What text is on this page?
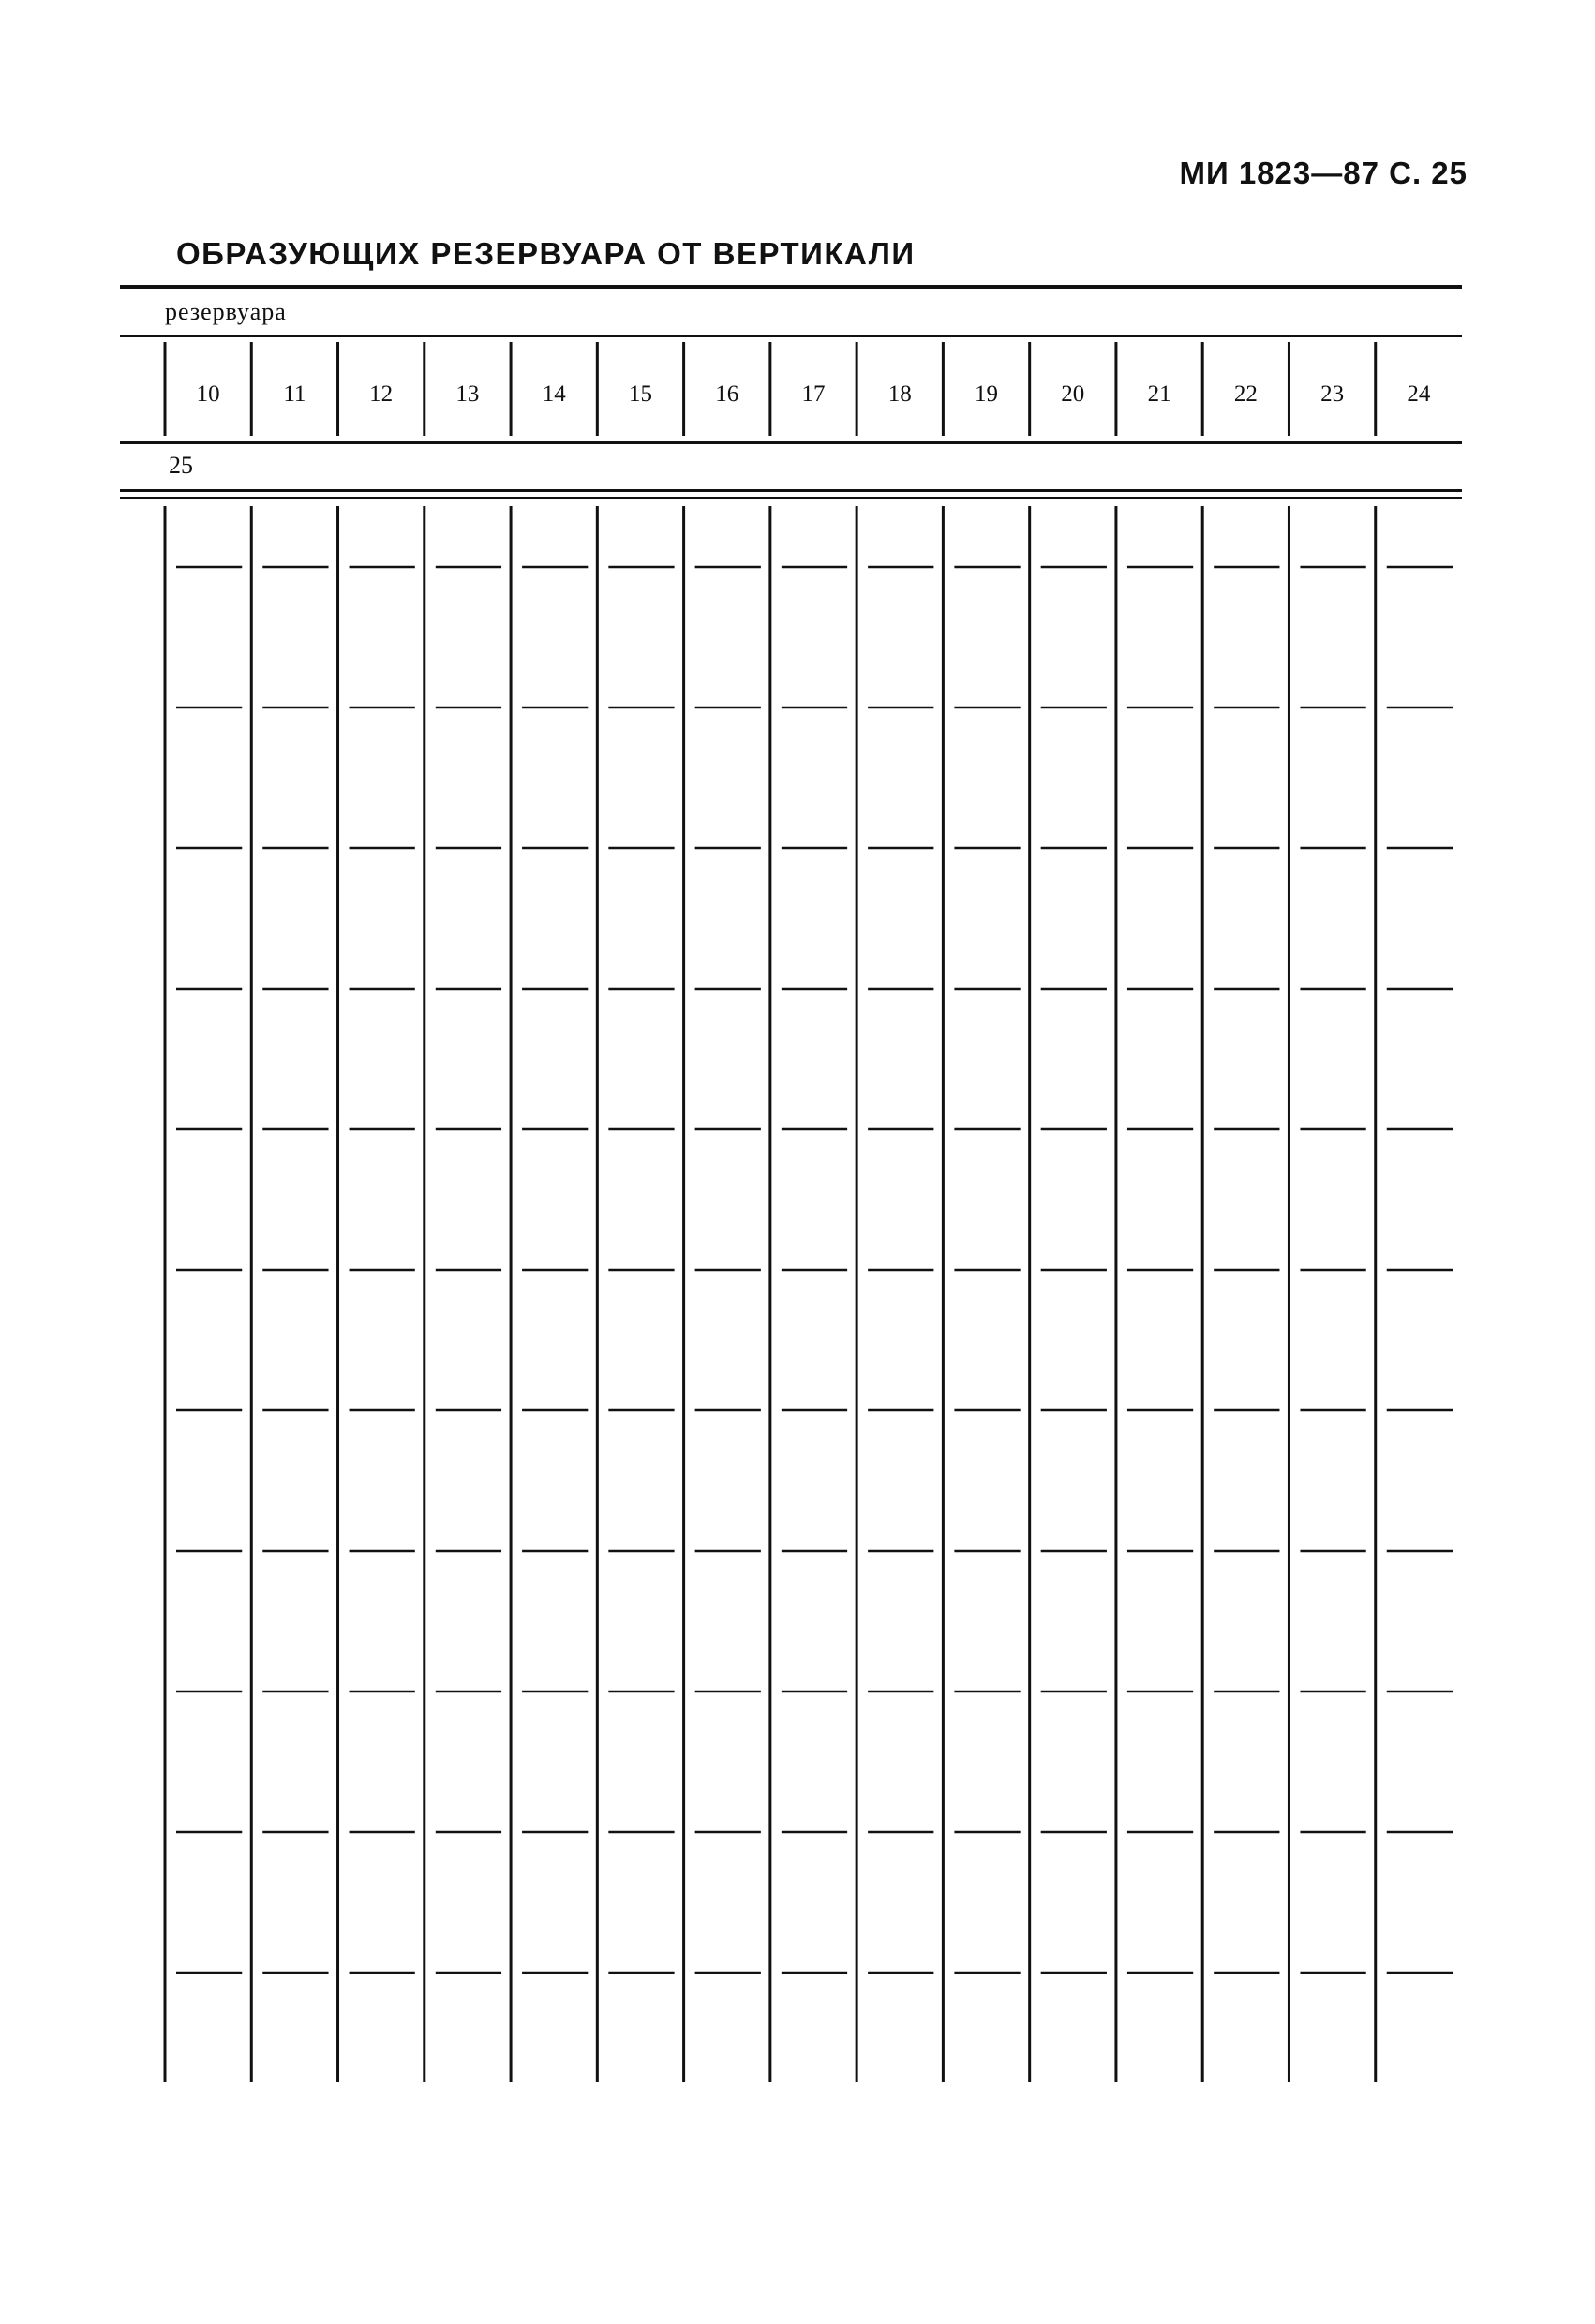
МИ 1823—87 С. 25
ОБРАЗУЮЩИХ РЕЗЕРВУАРА ОТ ВЕРТИКАЛИ
резервуара
25
10	11	12	13	14	15	16	17	18	19	20	21	22	23	24
